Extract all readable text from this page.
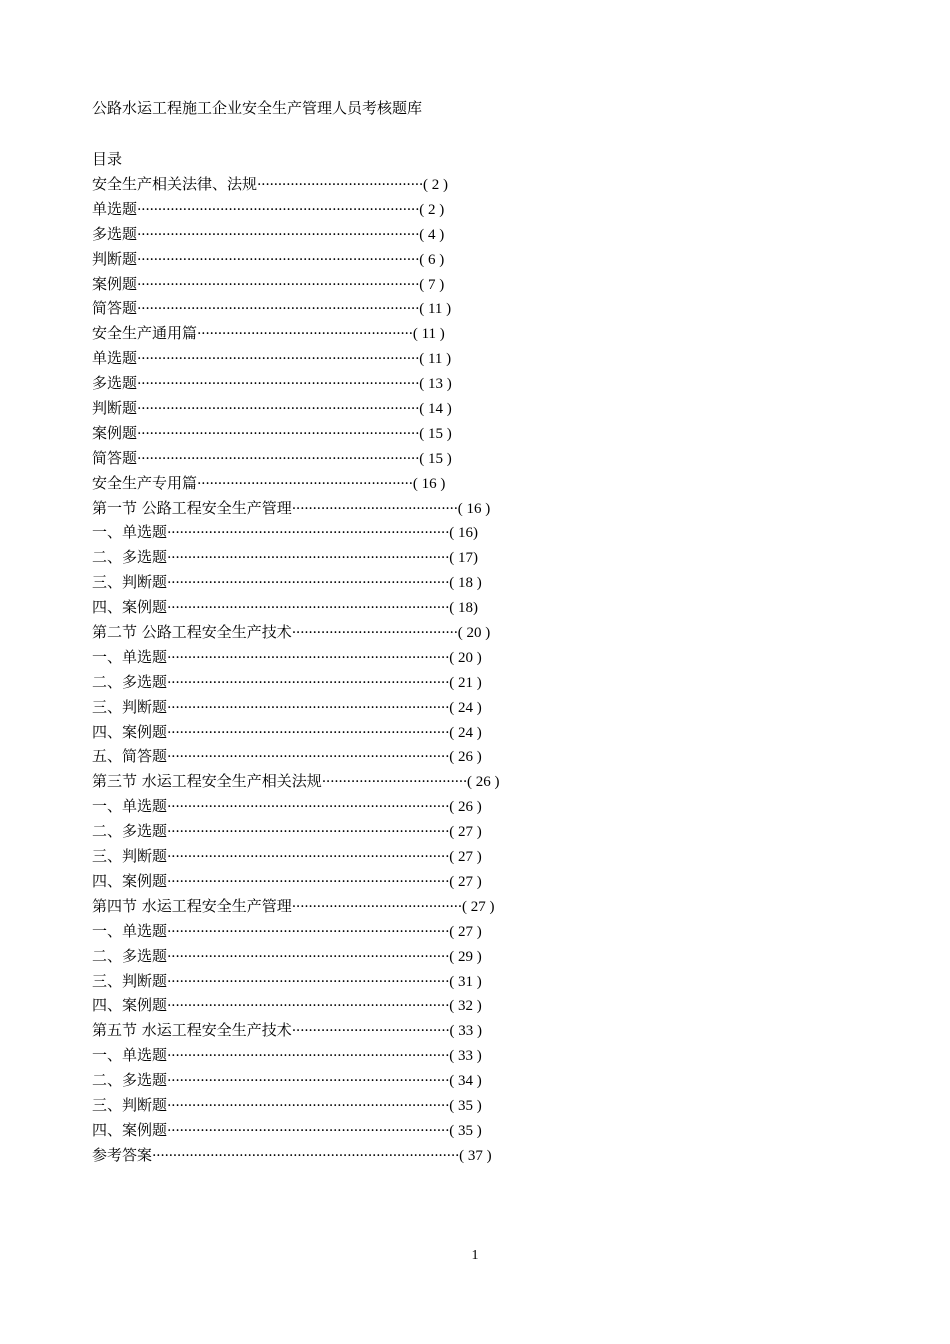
公路水运工程施工企业安全生产管理人员考核题库
目录
安全生产相关法律、法规········································( 2 )
单选题····································································( 2 )
多选题····································································( 4 )
判断题····································································( 6 )
案例题····································································( 7 )
简答题····································································( 11 )
安全生产通用篇····················································( 11 )
单选题····································································( 11 )
多选题····································································( 13 )
判断题····································································( 14 )
案例题····································································( 15 )
简答题····································································( 15 )
安全生产专用篇····················································( 16 )
第一节 公路工程安全生产管理········································( 16 )
一、单选题····································································( 16)
二、多选题····································································( 17)
三、判断题····································································( 18 )
四、案例题····································································( 18)
第二节 公路工程安全生产技术········································( 20 )
一、单选题····································································( 20 )
二、多选题····································································( 21 )
三、判断题····································································( 24 )
四、案例题····································································( 24 )
五、简答题····································································( 26 )
第三节 水运工程安全生产相关法规···································( 26 )
一、单选题····································································( 26 )
二、多选题····································································( 27 )
三、判断题····································································( 27 )
四、案例题····································································( 27 )
第四节 水运工程安全生产管理·········································( 27 )
一、单选题····································································( 27 )
二、多选题····································································( 29 )
三、判断题····································································( 31 )
四、案例题····································································( 32 )
第五节 水运工程安全生产技术······································( 33 )
一、单选题····································································( 33 )
二、多选题····································································( 34 )
三、判断题····································································( 35 )
四、案例题····································································( 35 )
参考答案··········································································( 37 )
1
